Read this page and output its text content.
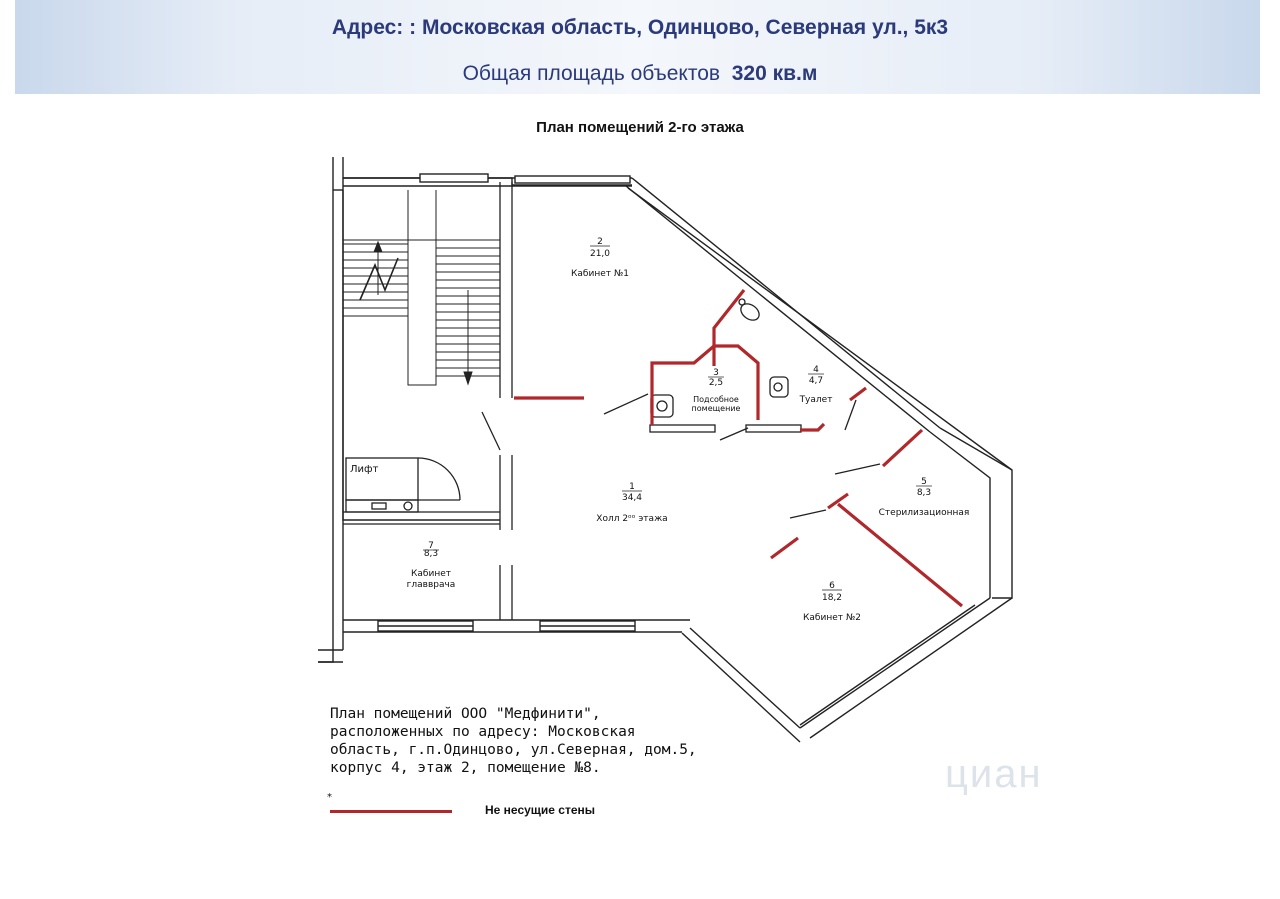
Адрес: : Московская область, Одинцово, Северная ул., 5к3
Общая площадь объектов 320 кв.м
План помещений 2-го этажа
1
34,4
Холл 2ᵒᵒ этажа
2
21,0
Кабинет №1
3
2,5
Подсобное
помещение
4
4,7
Туалет
5
8,3
Стерилизационная
6
18,2
Кабинет №2
7
8,3
Кабинет
главврача
Лифт
План помещений ООО "Медфинити",
расположенных по адресу: Московская
область, г.п.Одинцово, ул.Северная, дом.5,
корпус 4, этаж 2, помещение №8.
*
Не несущие стены
циан
